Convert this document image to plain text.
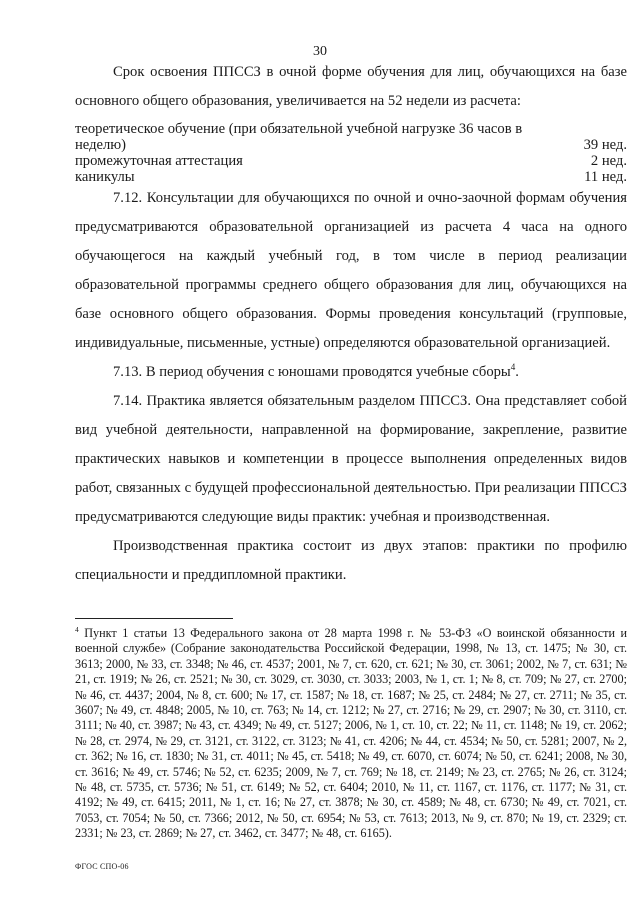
30

Срок освоения ППССЗ в очной форме обучения для лиц, обучающихся на базе основного общего образования, увеличивается на 52 недели из расчета:

теоретическое обучение (при обязательной учебной нагрузке 36 часов в
неделю)	39 нед.
промежуточная аттестация	2 нед.
каникулы	11 нед.

7.12. Консультации для обучающихся по очной и очно-заочной формам обучения предусматриваются образовательной организацией из расчета 4 часа на одного обучающегося на каждый учебный год, в том числе в период реализации образовательной программы среднего общего образования для лиц, обучающихся на базе основного общего образования. Формы проведения консультаций (групповые, индивидуальные, письменные, устные) определяются образовательной организацией.

7.13. В период обучения с юношами проводятся учебные сборы$^4$.

7.14. Практика является обязательным разделом ППССЗ. Она представляет собой вид учебной деятельности, направленной на формирование, закрепление, развитие практических навыков и компетенции в процессе выполнения определенных видов работ, связанных с будущей профессиональной деятельностью. При реализации ППССЗ предусматриваются следующие виды практик: учебная и производственная.

Производственная практика состоит из двух этапов: практики по профилю специальности и преддипломной практики.

$^4$ Пункт 1 статьи 13 Федерального закона от 28 марта 1998 г. № 53-ФЗ «О воинской обязанности и военной службе» (Собрание законодательства Российской Федерации, 1998, № 13, ст. 1475; № 30, ст. 3613; 2000, № 33, ст. 3348; № 46, ст. 4537; 2001, № 7, ст. 620, ст. 621; № 30, ст. 3061; 2002, № 7, ст. 631; № 21, ст. 1919; № 26, ст. 2521; № 30, ст. 3029, ст. 3030, ст. 3033; 2003, № 1, ст. 1; № 8, ст. 709; № 27, ст. 2700; № 46, ст. 4437; 2004, № 8, ст. 600; № 17, ст. 1587; № 18, ст. 1687; № 25, ст. 2484; № 27, ст. 2711; № 35, ст. 3607; № 49, ст. 4848; 2005, № 10, ст. 763; № 14, ст. 1212; № 27, ст. 2716; № 29, ст. 2907; № 30, ст. 3110, ст. 3111; № 40, ст. 3987; № 43, ст. 4349; № 49, ст. 5127; 2006, № 1, ст. 10, ст. 22; № 11, ст. 1148; № 19, ст. 2062; № 28, ст. 2974, № 29, ст. 3121, ст. 3122, ст. 3123; № 41, ст. 4206; № 44, ст. 4534; № 50, ст. 5281; 2007, № 2, ст. 362; № 16, ст. 1830; № 31, ст. 4011; № 45, ст. 5418; № 49, ст. 6070, ст. 6074; № 50, ст. 6241; 2008, № 30, ст. 3616; № 49, ст. 5746; № 52, ст. 6235; 2009, № 7, ст. 769; № 18, ст. 2149; № 23, ст. 2765; № 26, ст. 3124; № 48, ст. 5735, ст. 5736; № 51, ст. 6149; № 52, ст. 6404; 2010, № 11, ст. 1167, ст. 1176, ст. 1177; № 31, ст. 4192; № 49, ст. 6415; 2011, № 1, ст. 16; № 27, ст. 3878; № 30, ст. 4589; № 48, ст. 6730; № 49, ст. 7021, ст. 7053, ст. 7054; № 50, ст. 7366; 2012, № 50, ст. 6954; № 53, ст. 7613; 2013, № 9, ст. 870; № 19, ст. 2329; ст. 2331; № 23, ст. 2869; № 27, ст. 3462, ст. 3477; № 48, ст. 6165).
ФГОС СПО-06
